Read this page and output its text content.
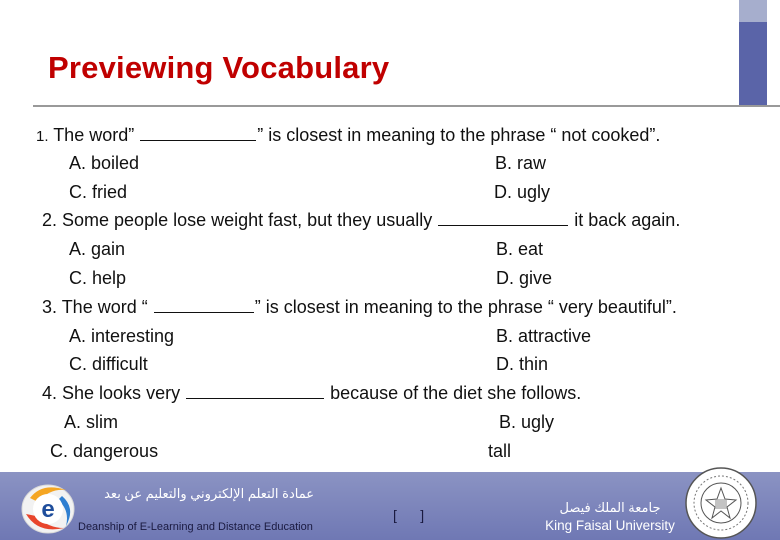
Previewing Vocabulary
1. The word”	” is closest in meaning to the phrase “ not cooked”.
A. boiled	B. raw
C. fried	D. ugly
2. Some people lose weight fast, but they usually	it back again.
A. gain	B. eat
C. help	D. give
3. The word “	” is closest in meaning to the phrase “ very beautiful”.
A. interesting	B. attractive
C. difficult	D. thin
4. She looks very	because of the diet she follows.
A. slim	B. ugly
C. dangerous	tall
e
عمادة التعلم الإلكتروني والتعليم عن بعد
Deanship of E-Learning and Distance Education
[      ]	جامعة الملك فيصل
King Faisal University
